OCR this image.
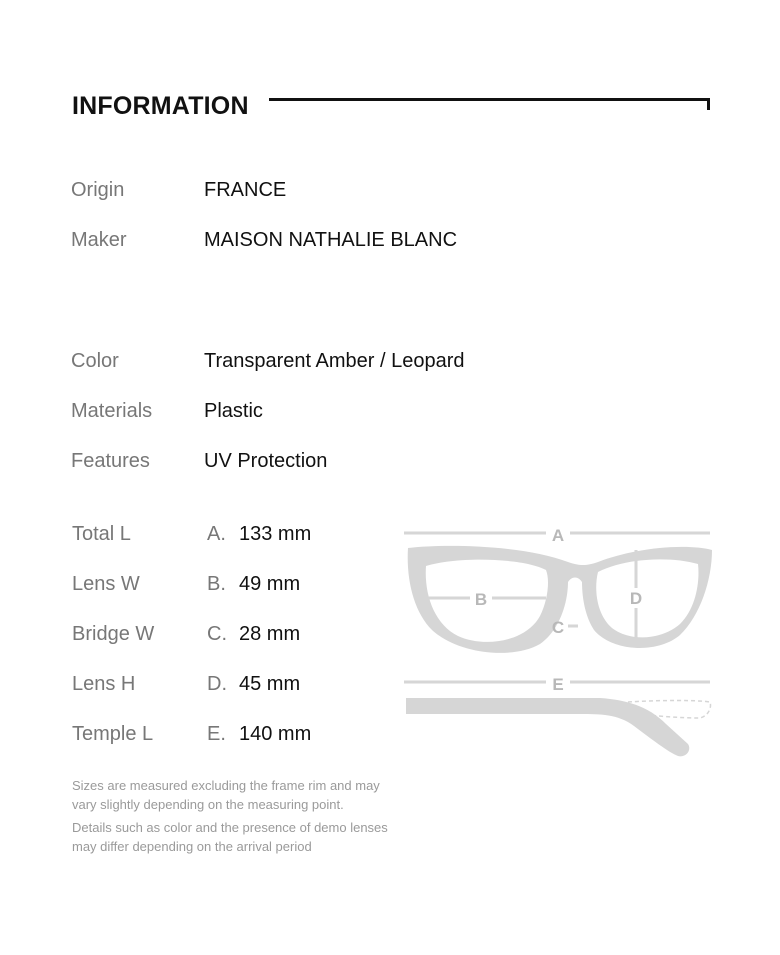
INFORMATION
Origin	FRANCE
Maker	MAISON NATHALIE BLANC
Color	Transparent Amber / Leopard
Materials	Plastic
Features	UV Protection
Total L	A. 133 mm
Lens W	B. 49 mm
Bridge W	C. 28 mm
Lens H	D. 45 mm
Temple L	E. 140 mm
A
B	D
C
E
Sizes are measured excluding the frame rim and may vary slightly depending on the measuring point.
Details such as color and the presence of demo lenses may differ depending on the arrival period
